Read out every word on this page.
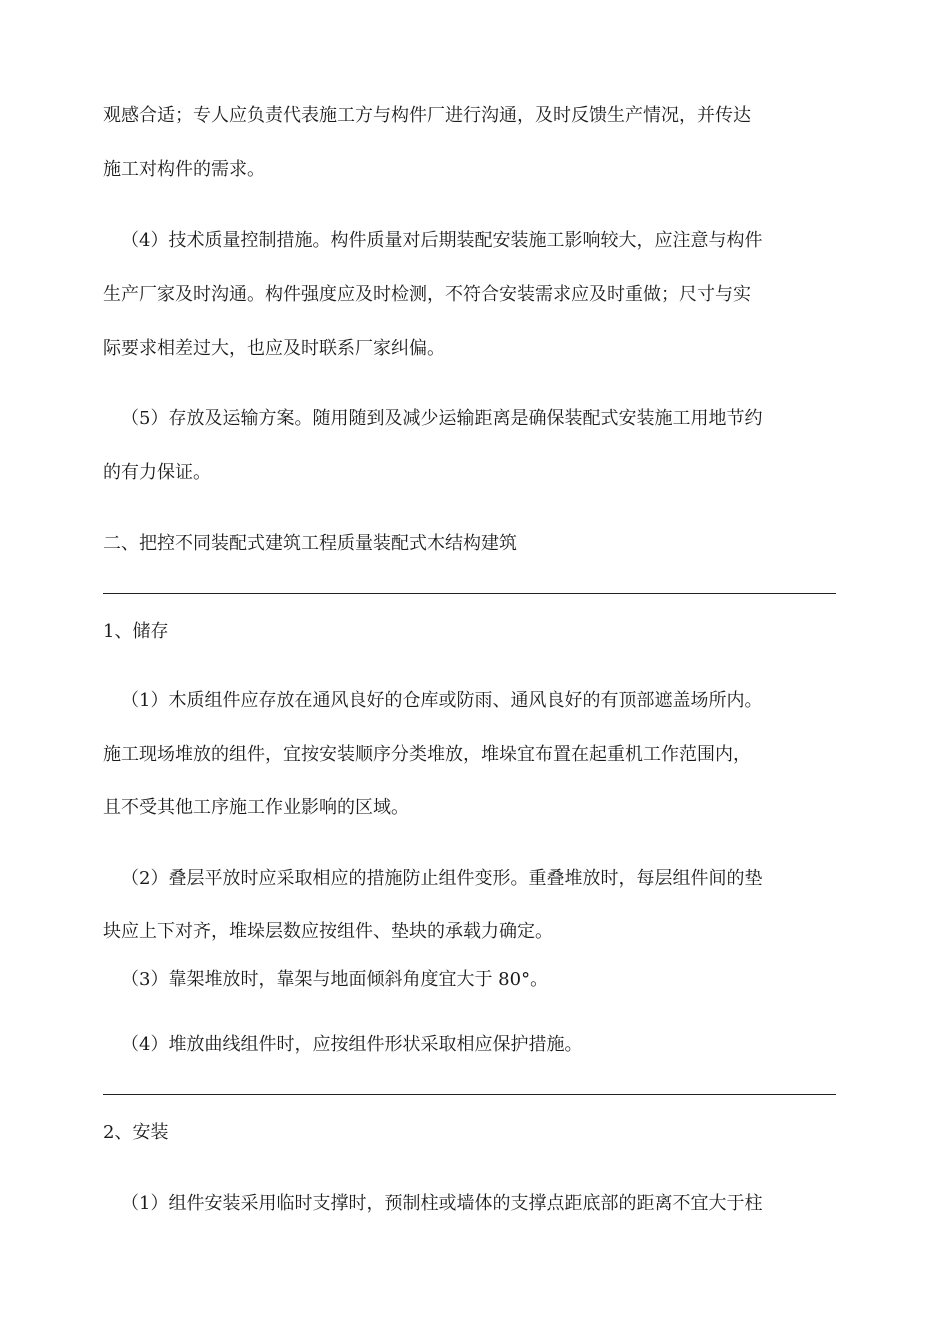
观感合适；专人应负责代表施工方与构件厂进行沟通，及时反馈生产情况，并传达
施工对构件的需求。
（4）技术质量控制措施。构件质量对后期装配安装施工影响较大，应注意与构件
生产厂家及时沟通。构件强度应及时检测，不符合安装需求应及时重做；尺寸与实
际要求相差过大，也应及时联系厂家纠偏。
（5）存放及运输方案。随用随到及减少运输距离是确保装配式安装施工用地节约
的有力保证。
二、把控不同装配式建筑工程质量装配式木结构建筑
1、储存
（1）木质组件应存放在通风良好的仓库或防雨、通风良好的有顶部遮盖场所内。
施工现场堆放的组件，宜按安装顺序分类堆放，堆垛宜布置在起重机工作范围内，
且不受其他工序施工作业影响的区域。
（2）叠层平放时应采取相应的措施防止组件变形。重叠堆放时，每层组件间的垫
块应上下对齐，堆垛层数应按组件、垫块的承载力确定。
（3）靠架堆放时，靠架与地面倾斜角度宜大于 80°。
（4）堆放曲线组件时，应按组件形状采取相应保护措施。
2、安装
（1）组件安装采用临时支撑时，预制柱或墙体的支撑点距底部的距离不宜大于柱
